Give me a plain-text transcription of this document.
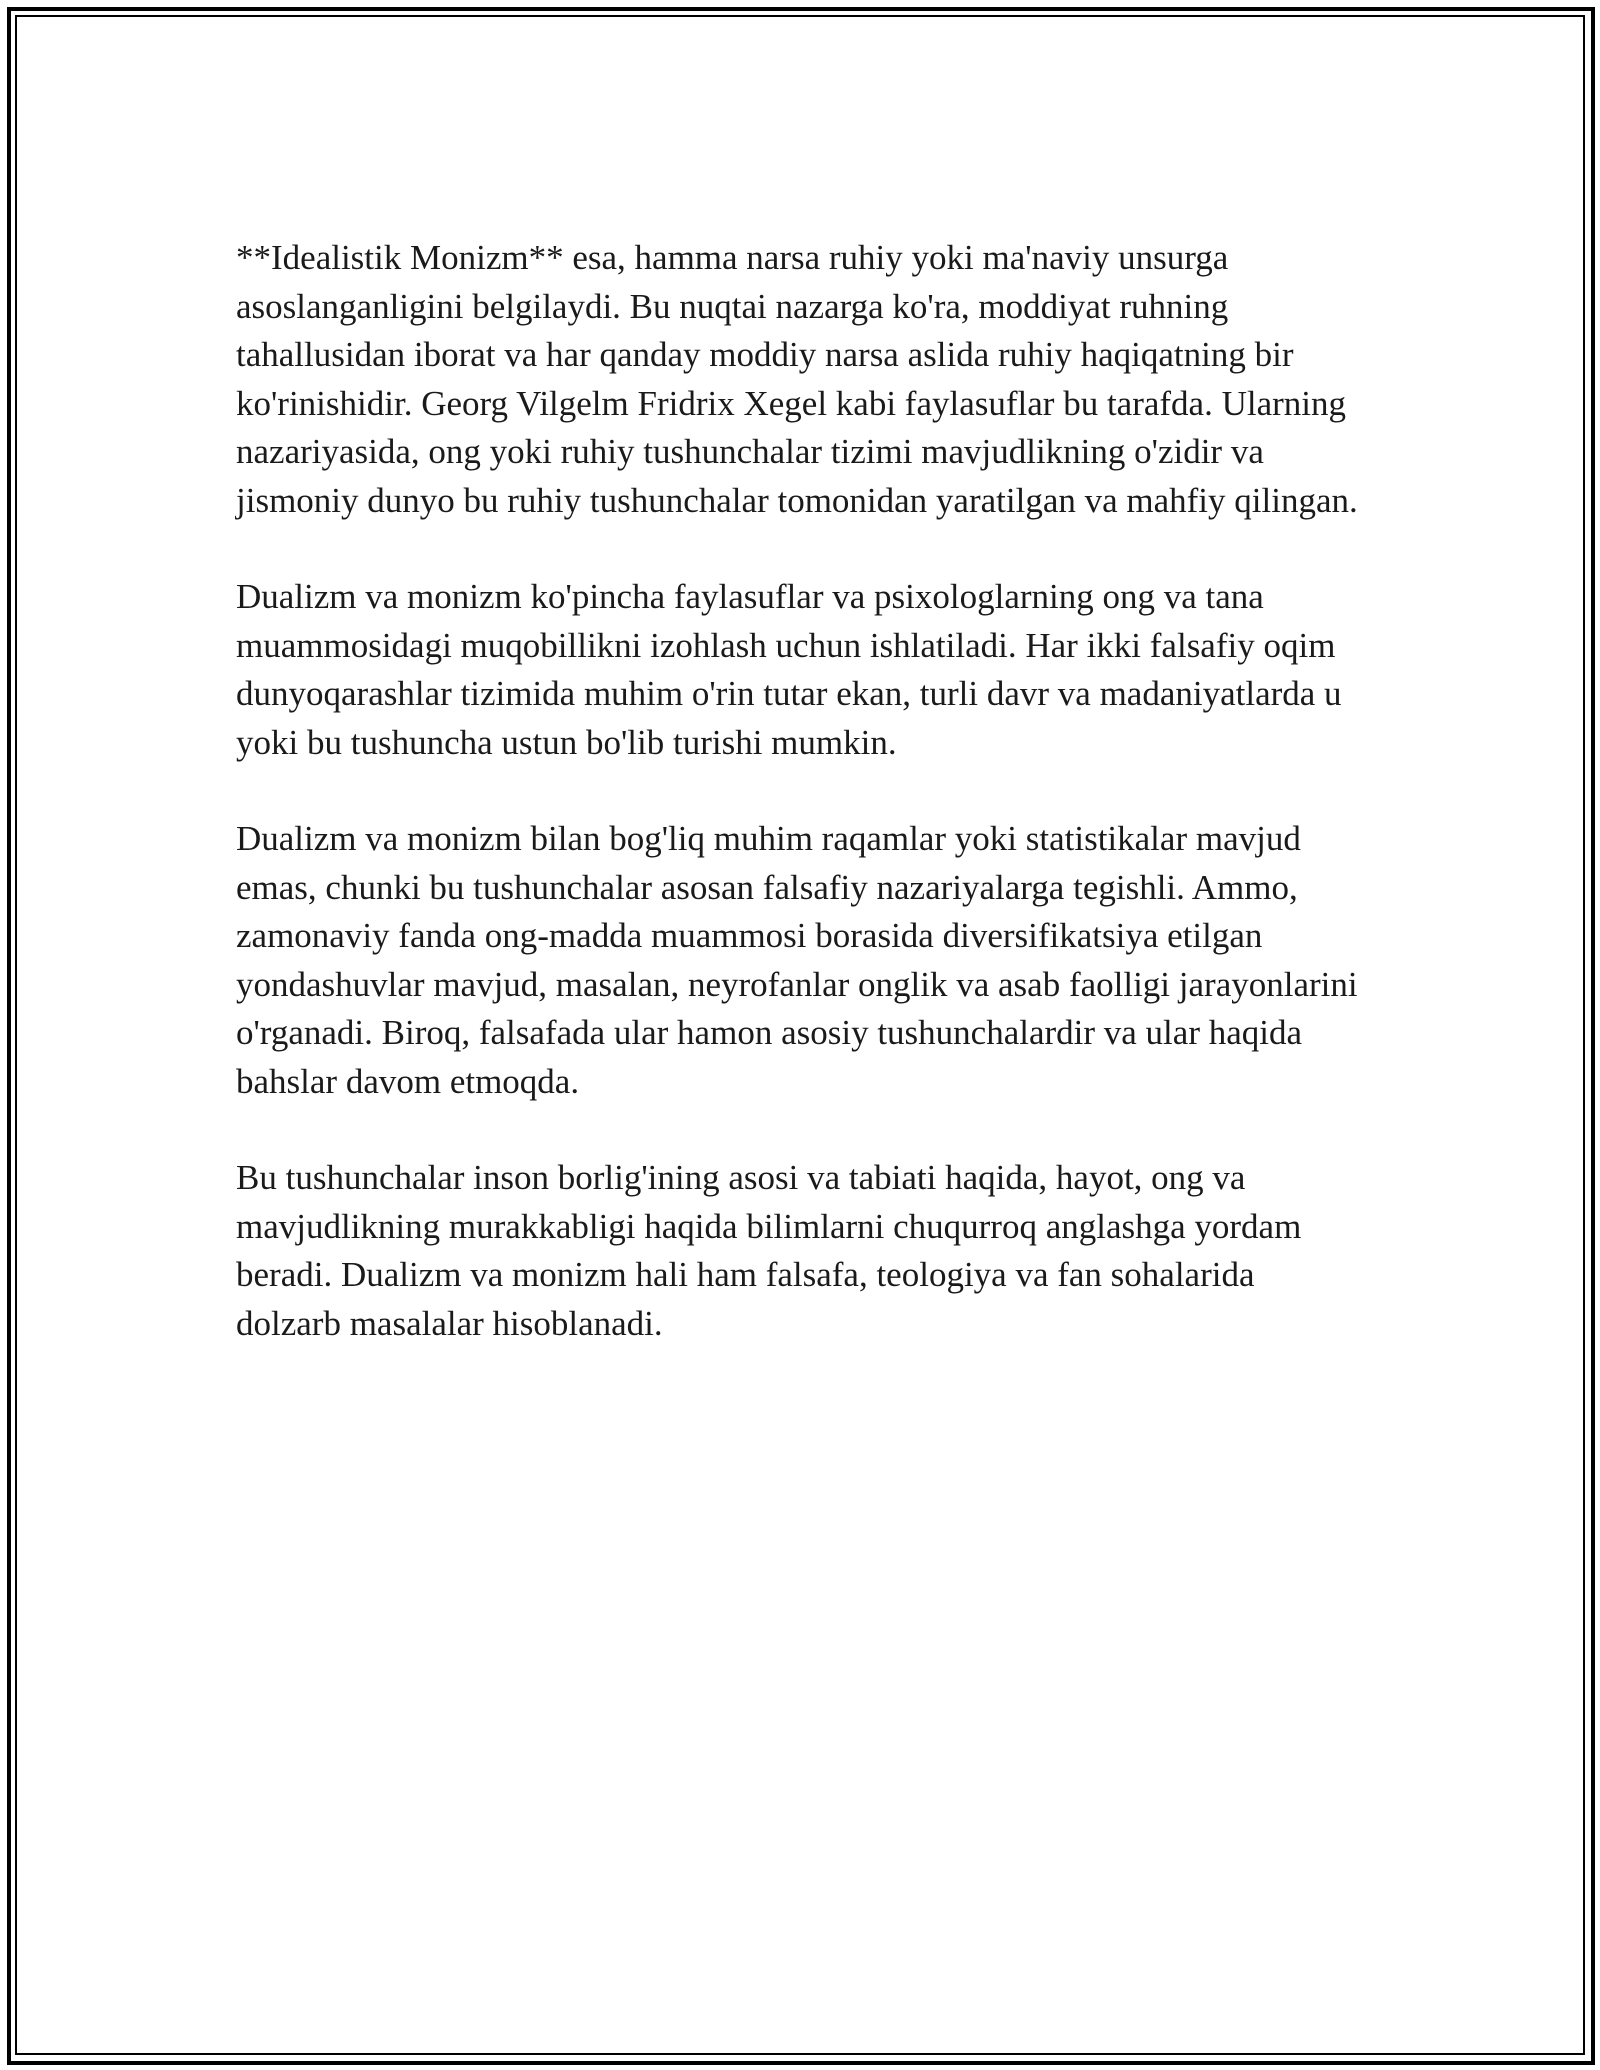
**Idealistik Monizm** esa, hamma narsa ruhiy yoki ma'naviy unsurga asoslanganligini belgilaydi. Bu nuqtai nazarga ko'ra, moddiyat ruhning tahallusidan iborat va har qanday moddiy narsa aslida ruhiy haqiqatning bir ko'rinishidir. Georg Vilgelm Fridrix Xegel kabi faylasuflar bu tarafda. Ularning nazariyasida, ong yoki ruhiy tushunchalar tizimi mavjudlikning o'zidir va jismoniy dunyo bu ruhiy tushunchalar tomonidan yaratilgan va mahfiy qilingan.

Dualizm va monizm ko'pincha faylasuflar va psixologlarning ong va tana muammosidagi muqobillikni izohlash uchun ishlatiladi. Har ikki falsafiy oqim dunyoqarashlar tizimida muhim o'rin tutar ekan, turli davr va madaniyatlarda u yoki bu tushuncha ustun bo'lib turishi mumkin.

Dualizm va monizm bilan bog'liq muhim raqamlar yoki statistikalar mavjud emas, chunki bu tushunchalar asosan falsafiy nazariyalarga tegishli. Ammo, zamonaviy fanda ong-madda muammosi borasida diversifikatsiya etilgan yondashuvlar mavjud, masalan, neyrofanlar onglik va asab faolligi jarayonlarini o'rganadi. Biroq, falsafada ular hamon asosiy tushunchalardir va ular haqida bahslar davom etmoqda.

Bu tushunchalar inson borlig'ining asosi va tabiati haqida, hayot, ong va mavjudlikning murakkabligi haqida bilimlarni chuqurroq anglashga yordam beradi. Dualizm va monizm hali ham falsafa, teologiya va fan sohalarida dolzarb masalalar hisoblanadi.
